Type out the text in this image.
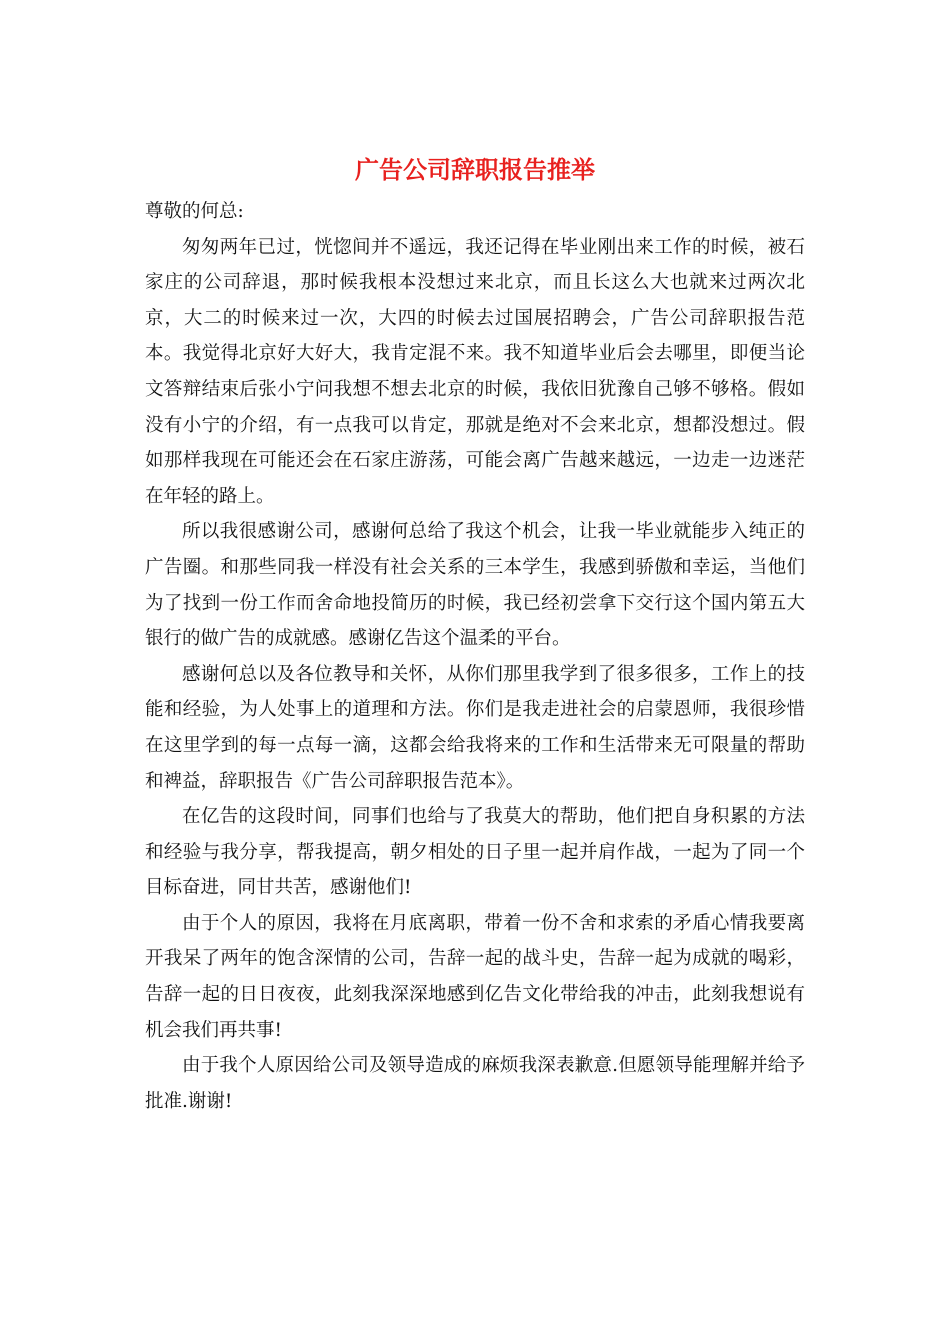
广告公司辞职报告推举

尊敬的何总:

匆匆两年已过，恍惚间并不遥远，我还记得在毕业刚出来工作的时候，被石家庄的公司辞退，那时候我根本没想过来北京，而且长这么大也就来过两次北京，大二的时候来过一次，大四的时候去过国展招聘会，广告公司辞职报告范本。我觉得北京好大好大，我肯定混不来。我不知道毕业后会去哪里，即便当论文答辩结束后张小宁问我想不想去北京的时候，我依旧犹豫自己够不够格。假如没有小宁的介绍，有一点我可以肯定，那就是绝对不会来北京，想都没想过。假如那样我现在可能还会在石家庄游荡，可能会离广告越来越远，一边走一边迷茫在年轻的路上。

所以我很感谢公司，感谢何总给了我这个机会，让我一毕业就能步入纯正的广告圈。和那些同我一样没有社会关系的三本学生，我感到骄傲和幸运，当他们为了找到一份工作而舍命地投简历的时候，我已经初尝拿下交行这个国内第五大银行的做广告的成就感。感谢亿告这个温柔的平台。

感谢何总以及各位教导和关怀，从你们那里我学到了很多很多，工作上的技能和经验，为人处事上的道理和方法。你们是我走进社会的启蒙恩师，我很珍惜在这里学到的每一点每一滴，这都会给我将来的工作和生活带来无可限量的帮助和裨益，辞职报告《广告公司辞职报告范本》。

在亿告的这段时间，同事们也给与了我莫大的帮助，他们把自身积累的方法和经验与我分享，帮我提高，朝夕相处的日子里一起并肩作战，一起为了同一个目标奋进，同甘共苦，感谢他们!

由于个人的原因，我将在月底离职，带着一份不舍和求索的矛盾心情我要离开我呆了两年的饱含深情的公司，告辞一起的战斗史，告辞一起为成就的喝彩，告辞一起的日日夜夜，此刻我深深地感到亿告文化带给我的冲击，此刻我想说有机会我们再共事!

由于我个人原因给公司及领导造成的麻烦我深表歉意.但愿领导能理解并给予批准.谢谢!
